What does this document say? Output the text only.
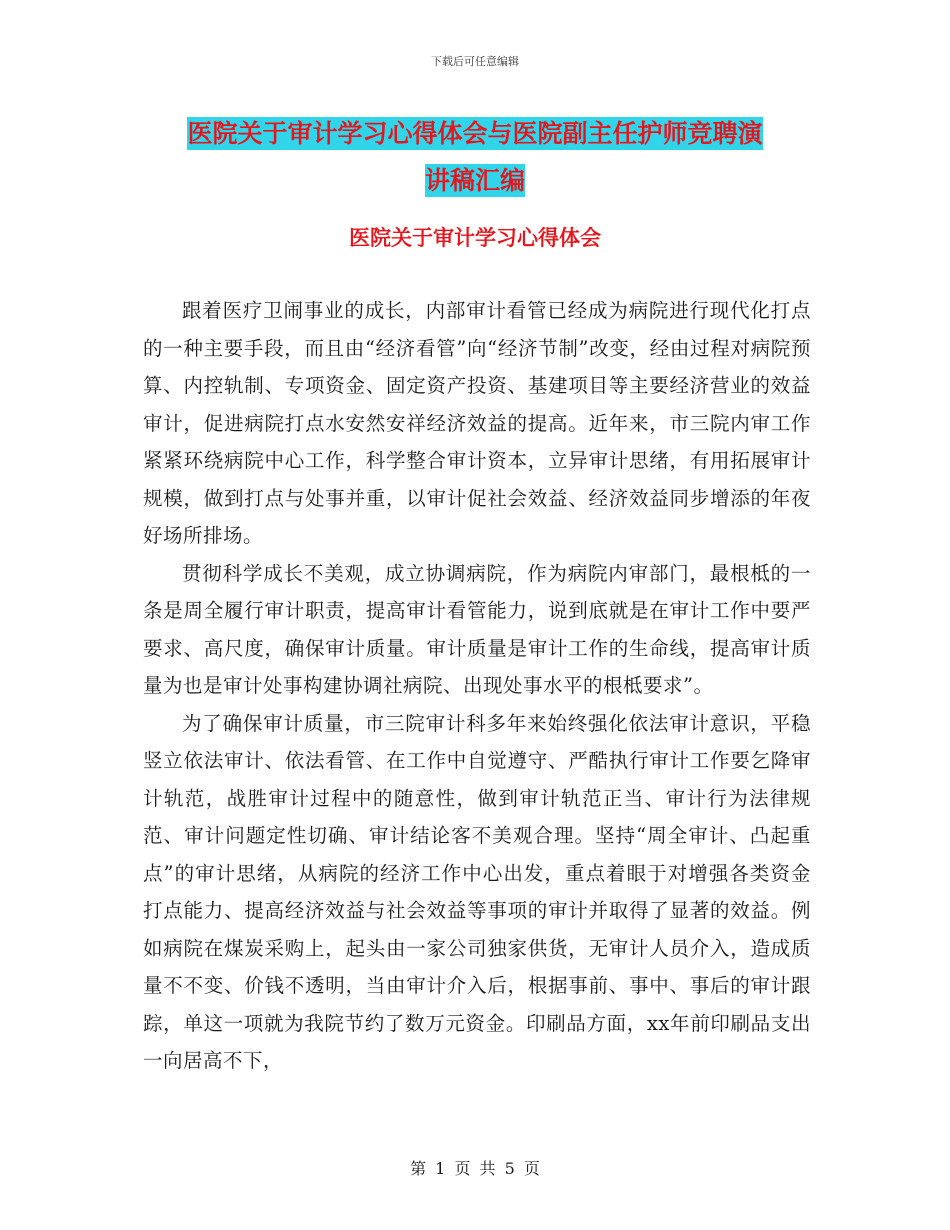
下载后可任意编辑
医院关于审计学习心得体会与医院副主任护师竞聘演
讲稿汇编
医院关于审计学习心得体会

跟着医疗卫闹事业的成长，内部审计看管已经成为病院进行现代化打点的一种主要手段，而且由“经济看管”向“经济节制”改变，经由过程对病院预算、内控轨制、专项资金、固定资产投资、基建项目等主要经济营业的效益审计，促进病院打点水安然安祥经济效益的提高。近年来，市三院内审工作紧紧环绕病院中心工作，科学整合审计资本，立异审计思绪，有用拓展审计规模，做到打点与处事并重，以审计促社会效益、经济效益同步增添的年夜好场所排场。

贯彻科学成长不美观，成立协调病院，作为病院内审部门，最根柢的一条是周全履行审计职责，提高审计看管能力，说到底就是在审计工作中要严要求、高尺度，确保审计质量。审计质量是审计工作的生命线，提高审计质量为也是审计处事构建协调社病院、出现处事水平的根柢要求”。

为了确保审计质量，市三院审计科多年来始终强化依法审计意识，平稳竖立依法审计、依法看管、在工作中自觉遵守、严酷执行审计工作要乞降审计轨范，战胜审计过程中的随意性，做到审计轨范正当、审计行为法律规范、审计问题定性切确、审计结论客不美观合理。坚持“周全审计、凸起重点”的审计思绪，从病院的经济工作中心出发，重点着眼于对增强各类资金打点能力、提高经济效益与社会效益等事项的审计并取得了显著的效益。例如病院在煤炭采购上，起头由一家公司独家供货，无审计人员介入，造成质量不不变、价钱不透明，当由审计介入后，根据事前、事中、事后的审计跟踪，单这一项就为我院节约了数万元资金。印刷品方面，xx年前印刷品支出一向居高不下，

第 1 页 共 5 页
